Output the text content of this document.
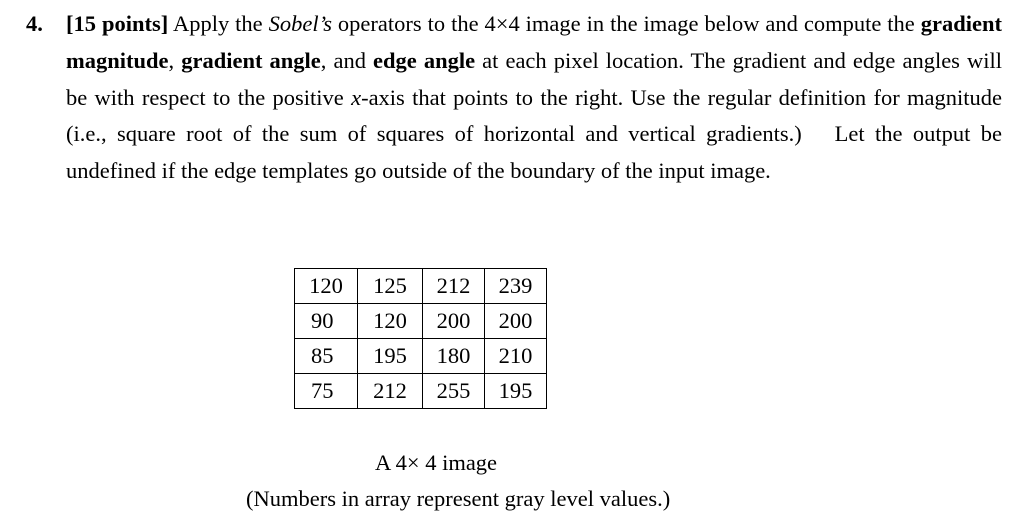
4. [15 points] Apply the Sobel’s operators to the 4×4 image in the image below and compute the gradient magnitude, gradient angle, and edge angle at each pixel location. The gradient and edge angles will be with respect to the positive x-axis that points to the right. Use the regular definition for magnitude (i.e., square root of the sum of squares of horizontal and vertical gradients.)  Let the output be undefined if the edge templates go outside of the boundary of the input image.
120	125	212	239
90	120	200	200
85	195	180	210
75	212	255	195
A 4× 4 image
(Numbers in array represent gray level values.)
